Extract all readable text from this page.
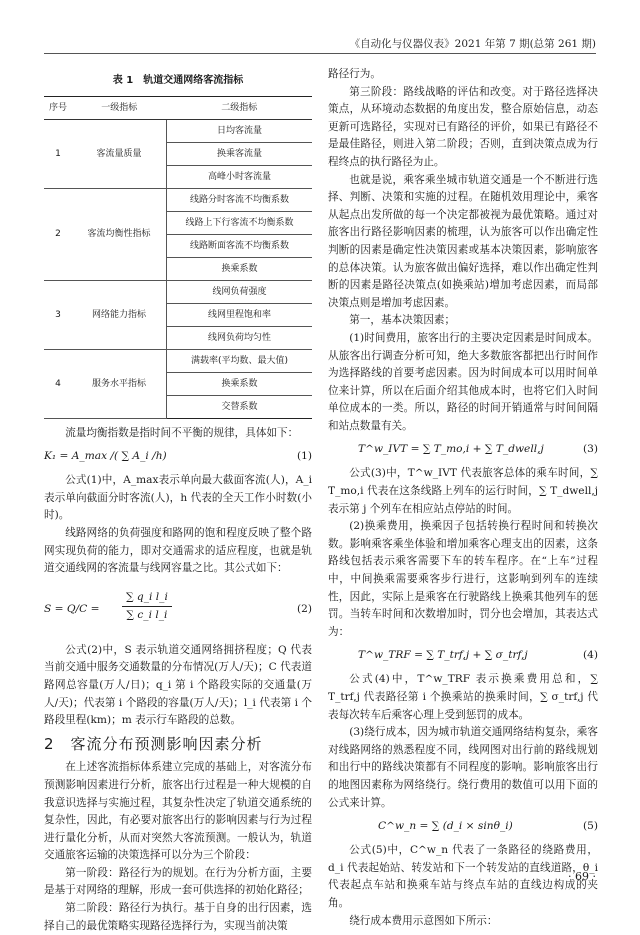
《自动化与仪器仪表》2021 年第 7 期(总第 261 期)
表 1　轨道交通网络客流指标
序号	一级指标	二级指标
1	客流量质量	日均客流量
		换乘客流量
		高峰小时客流量
2	客流均衡性指标	线路分时客流不均衡系数
		线路上下行客流不均衡系数
		线路断面客流不均衡系数
		换乘系数
3	网络能力指标	线网负荷强度
		线网里程饱和率
		线网负荷均匀性
4	服务水平指标	满载率(平均数、最大值)
		换乘系数
		交替系数

流量均衡指数是指时间不平衡的规律，具体如下：

K₁ = A_max /( ∑ A_i /h)	(1)

公式(1)中，A_max表示单向最大截面客流(人)，A_i 表示单向截面分时客流(人)，h 代表的全天工作小时数(小时)。

线路网络的负荷强度和路网的饱和程度反映了整个路网实现负荷的能力，即对交通需求的适应程度，也就是轨道交通线网的客流量与线网容量之比。其公式如下：

$S = Q/C = \frac{\text{∑ q\_i l\_i}}{\text{∑ c\_i l\_i}}$	(2)

公式(2)中，S 表示轨道交通网络拥挤程度；Q 代表当前交通中服务交通数量的分布情况(万人/天)；C 代表道路网总容量(万人/日)；q_i 第 i 个路段实际的交通量(万人/天)；代表第 i 个路段的容量(万人/天)；l_i 代表第 i 个路段里程(km)；m 表示行车路段的总数。

2　客流分布预测影响因素分析

在上述客流指标体系建立完成的基础上，对客流分布预测影响因素进行分析，旅客出行过程是一种大规模的自我意识选择与实施过程，其复杂性决定了轨道交通系统的复杂性，因此，有必要对旅客出行的影响因素与行为过程进行量化分析，从而对突然大客流预测。一般认为，轨道交通旅客运输的决策选择可以分为三个阶段：

第一阶段：路径行为的规划。在行为分析方面，主要是基于对网络的理解，形成一套可供选择的初始化路径；

第二阶段：路径行为执行。基于自身的出行因素，选择自己的最优策略实现路径选择行为，实现当前决策

路径行为。

第三阶段：路线战略的评估和改变。对于路径选择决策点，从环境动态数据的角度出发，整合原始信息，动态更新可选路径，实现对已有路径的评价，如果已有路径不是最佳路径，则进入第二阶段；否则，直到决策点成为行程终点的执行路径为止。

也就是说，乘客乘坐城市轨道交通是一个不断进行选择、判断、决策和实施的过程。在随机效用理论中，乘客从起点出发所做的每一个决定都被视为最优策略。通过对旅客出行路径影响因素的梳理，认为旅客可以作出确定性判断的因素是确定性决策因素或基本决策因素，影响旅客的总体决策。认为旅客做出偏好选择，难以作出确定性判断的因素是路径决策点(如换乘站)增加考虑因素，而局部决策点则是增加考虑因素。

第一，基本决策因素；

(1)时间费用，旅客出行的主要决定因素是时间成本。从旅客出行调查分析可知，绝大多数旅客都把出行时间作为选择路线的首要考虑因素。因为时间成本可以用时间单位来计算，所以在后面介绍其他成本时，也将它们入时间单位成本的一类。所以，路径的时间开销通常与时间间隔和站点数量有关。

T^w_IVT = ∑ T_mo,i + ∑ T_dwell,j	(3)

公式(3)中，T^w_IVT 代表旅客总体的乘车时间，∑ T_mo,i 代表在这条线路上列车的运行时间，∑ T_dwell,j 表示第 j 个列车在相应站点停站的时间。

(2)换乘费用，换乘因子包括转换行程时间和转换次数。影响乘客乘坐体验和增加乘客心理支出的因素，这条路线包括表示乘客需要下车的转车程序。在“上车”过程中，中间换乘需要乘客步行进行，这影响到列车的连续性，因此，实际上是乘客在行驶路线上换乘其他列车的惩罚。当转车时间和次数增加时，罚分也会增加，其表达式为：

T^w_TRF = ∑ T_trf,j + ∑ σ_trf,j	(4)

公式(4)中，T^w_TRF 表示换乘费用总和，∑ T_trf,j 代表路径第 i 个换乘站的换乘时间，∑ σ_trf,j 代表每次转车后乘客心理上受到惩罚的成本。

(3)绕行成本，因为城市轨道交通网络结构复杂，乘客对线路网络的熟悉程度不同，线网图对出行前的路线规划和出行中的路线决策都有不同程度的影响。影响旅客出行的地图因素称为网络绕行。绕行费用的数值可以用下面的公式来计算。

C^w_n = ∑ (d_i × sinθ_i)	(5)

公式(5)中，C^w_n 代表了一条路径的绕路费用，d_i 代表起始站、转发站和下一个转发站的直线道路，θ_i 代表起点车站和换乘车站与终点车站的直线边构成的夹角。

绕行成本费用示意图如下所示：

· 69 ·
